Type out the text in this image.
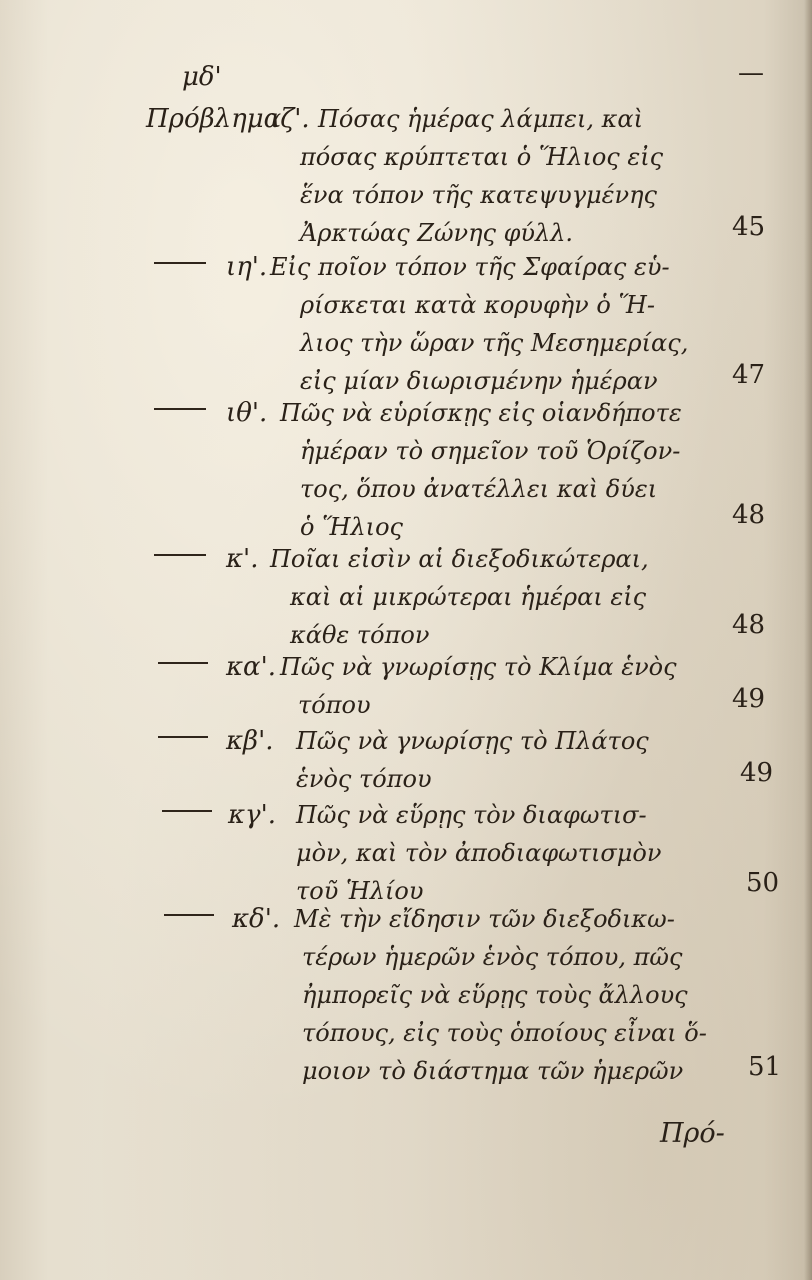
μδ'	—
Πρόβλημα
ιζ'. Πόσας ἡμέρας λάμπει, καὶ
πόσας κρύπτεται ὁ Ἥλιος εἰς
ἕνα τόπον τῆς κατεψυγμένης
Ἀρκτώας Ζώνης φύλλ.	45
ιη'. Εἰς ποῖον τόπον τῆς Σφαίρας εὑ-
ρίσκεται κατὰ κορυφὴν ὁ Ἥ-
λιος τὴν ὥραν τῆς Μεσημερίας,
εἰς μίαν διωρισμένην ἡμέραν	47
ιθ'. Πῶς νὰ εὑρίσκῃς εἰς οἱανδήποτε
ἡμέραν τὸ σημεῖον τοῦ Ὁρίζον-
τος, ὅπου ἀνατέλλει καὶ δύει
ὁ Ἥλιος	48
κ'. Ποῖαι εἰσὶν αἱ διεξοδικώτεραι,
καὶ αἱ μικρώτεραι ἡμέραι εἰς
κάθε τόπον	48
κα'. Πῶς νὰ γνωρίσῃς τὸ Κλίμα ἑνὸς
τόπου	49
κβ'. Πῶς νὰ γνωρίσῃς τὸ Πλάτος
ἑνὸς τόπου	49
κγ'. Πῶς νὰ εὕρῃς τὸν διαφωτισ-
μὸν, καὶ τὸν ἀποδιαφωτισμὸν
τοῦ Ἡλίου	50
κδ'. Μὲ τὴν εἴδησιν τῶν διεξοδικω-
τέρων ἡμερῶν ἑνὸς τόπου, πῶς
ἠμπορεῖς νὰ εὕρῃς τοὺς ἄλλους
τόπους, εἰς τοὺς ὁποίους εἶναι ὅ-
μοιον τὸ διάστημα τῶν ἡμερῶν	51
Πρό-
